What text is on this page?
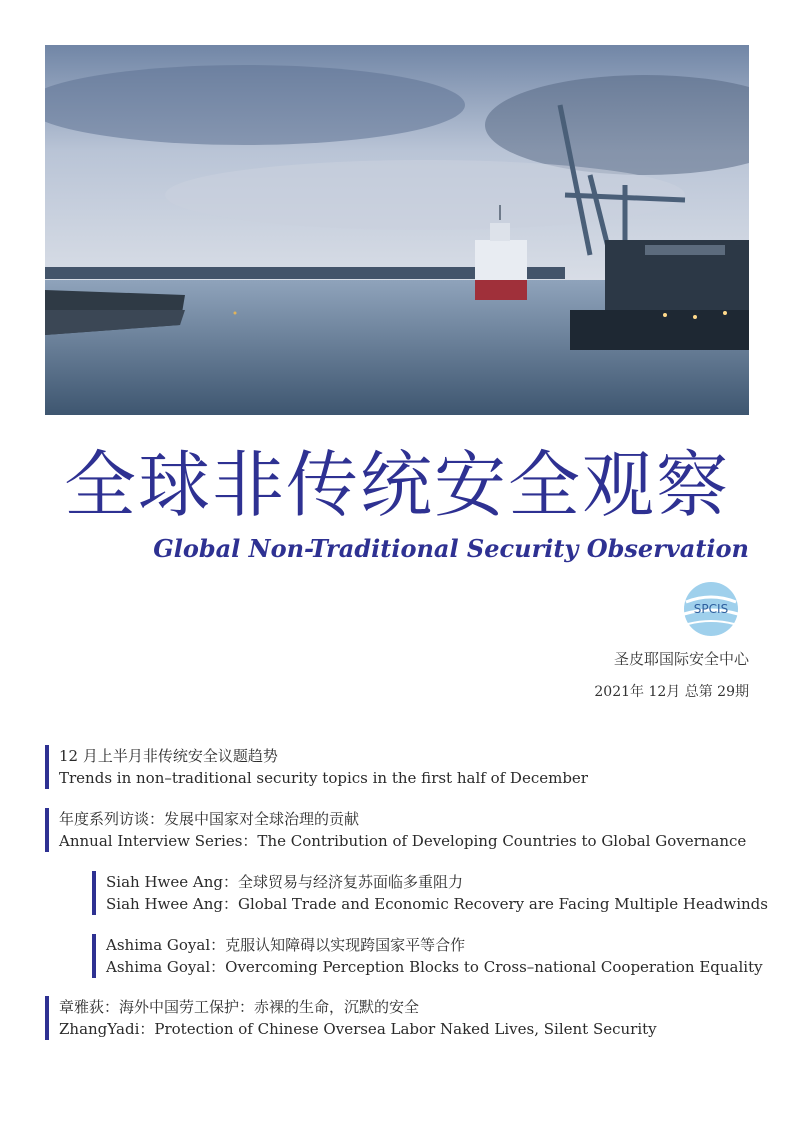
全球非传统安全观察
Global Non-Traditional Security Observation
SPCIS
圣皮耶国际安全中心
2021年 12月 总第 29期
12 月上半月非传统安全议题趋势
Trends in non–traditional security topics in the first half of December
年度系列访谈：发展中国家对全球治理的贡献
Annual Interview Series：The Contribution of Developing Countries to Global Governance
Siah Hwee Ang：全球贸易与经济复苏面临多重阻力
Siah Hwee Ang：Global Trade and Economic Recovery are Facing Multiple Headwinds
Ashima Goyal：克服认知障碍以实现跨国家平等合作
Ashima Goyal：Overcoming Perception Blocks to Cross–national Cooperation Equality
章雅荻：海外中国劳工保护：赤裸的生命，沉默的安全
ZhangYadi：Protection of Chinese Oversea Labor Naked Lives, Silent Security
